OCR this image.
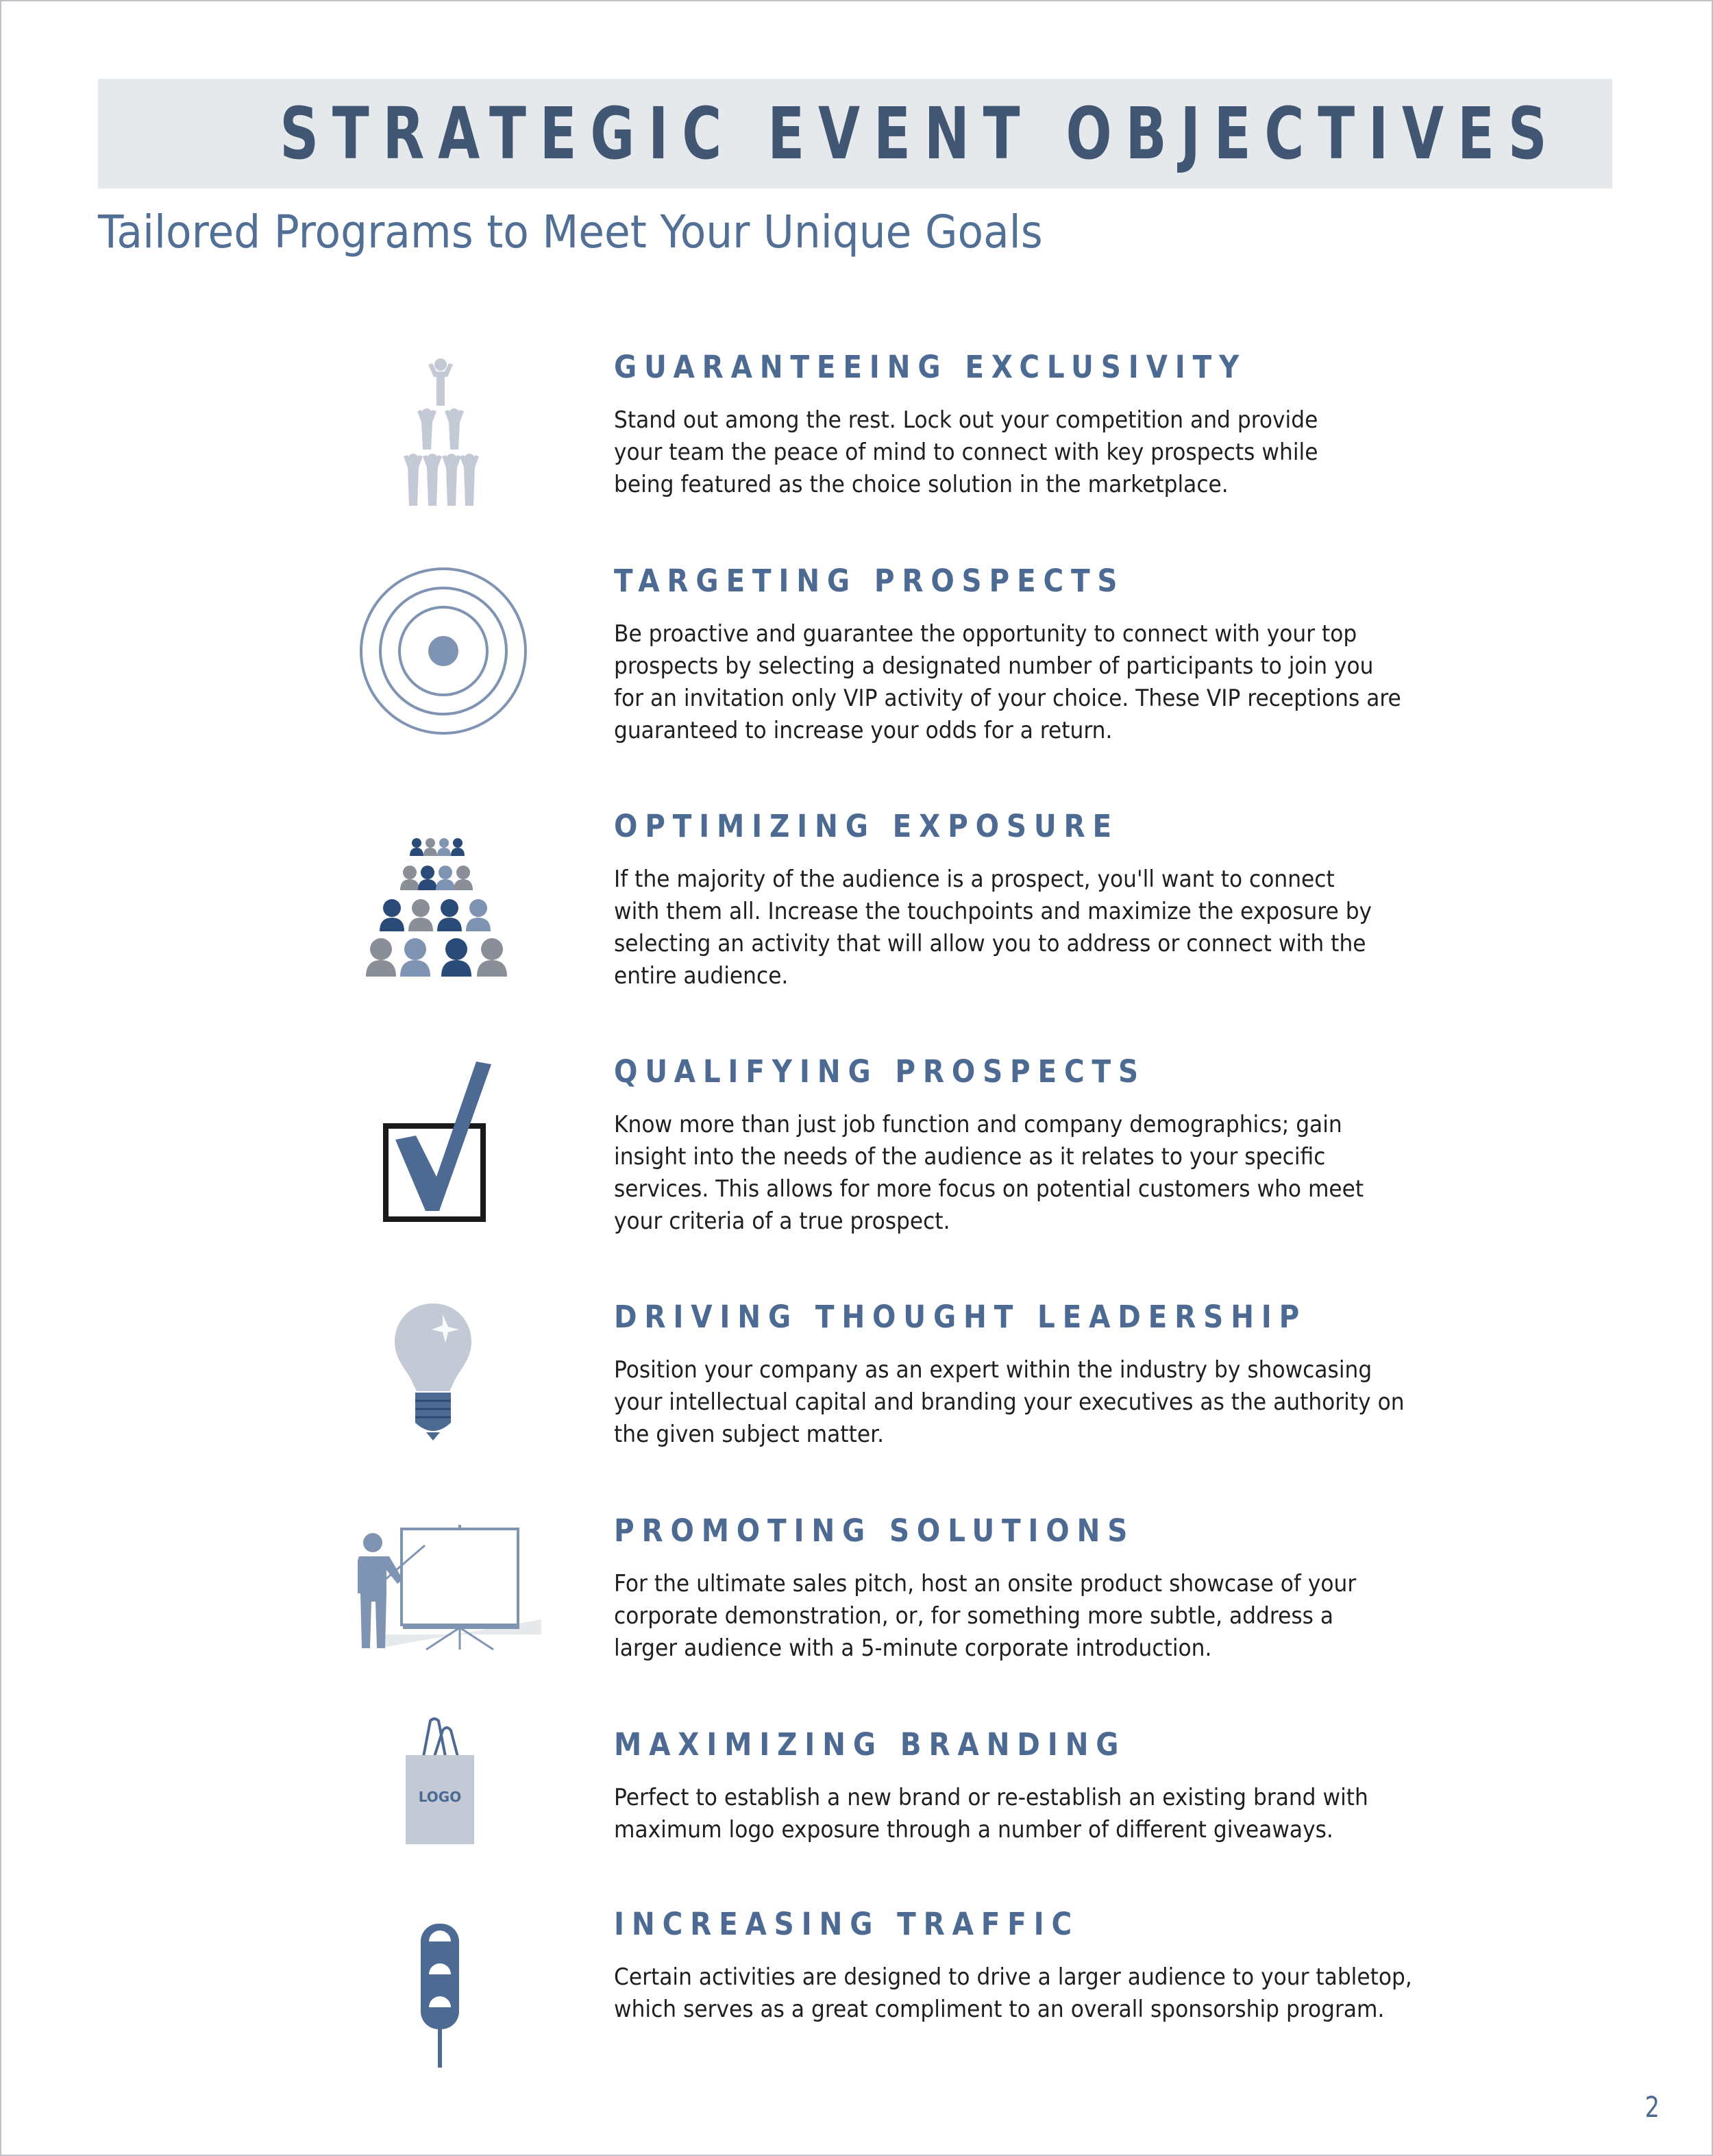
STRATEGIC EVENT OBJECTIVES
Tailored Programs to Meet Your Unique Goals
GUARANTEEING EXCLUSIVITY

Stand out among the rest. Lock out your competition and provide
your team the peace of mind to connect with key prospects while
being featured as the choice solution in the marketplace.

TARGETING PROSPECTS

Be proactive and guarantee the opportunity to connect with your top
prospects by selecting a designated number of participants to join you
for an invitation only VIP activity of your choice. These VIP receptions are
guaranteed to increase your odds for a return.

OPTIMIZING EXPOSURE

If the majority of the audience is a prospect, you'll want to connect
with them all. Increase the touchpoints and maximize the exposure by
selecting an activity that will allow you to address or connect with the
entire audience.

QUALIFYING PROSPECTS

Know more than just job function and company demographics; gain
insight into the needs of the audience as it relates to your specific
services. This allows for more focus on potential customers who meet
your criteria of a true prospect.

DRIVING THOUGHT LEADERSHIP

Position your company as an expert within the industry by showcasing
your intellectual capital and branding your executives as the authority on
the given subject matter.

PROMOTING SOLUTIONS

For the ultimate sales pitch, host an onsite product showcase of your
corporate demonstration, or, for something more subtle, address a
larger audience with a 5-minute corporate introduction.

LOGO
MAXIMIZING BRANDING

Perfect to establish a new brand or re-establish an existing brand with
maximum logo exposure through a number of different giveaways.

INCREASING TRAFFIC

Certain activities are designed to drive a larger audience to your tabletop,
which serves as a great compliment to an overall sponsorship program.

2
